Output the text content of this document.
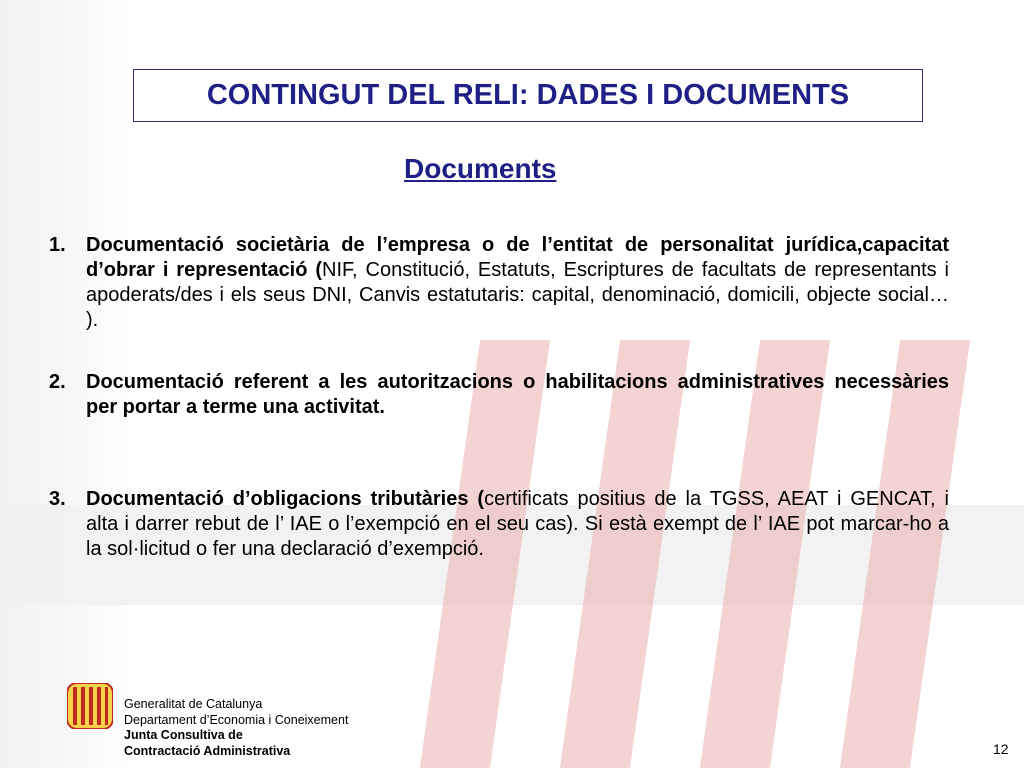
CONTINGUT DEL RELI: DADES I DOCUMENTS
Documents
1. Documentació societària de l’empresa o de l’entitat de personalitat jurídica,capacitat d’obrar i representació (NIF, Constitució, Estatuts, Escriptures de facultats de representants i apoderats/des i els seus DNI, Canvis estatutaris: capital, denominació, domicili, objecte social… ).
2. Documentació referent a les autoritzacions o habilitacions administratives necessàries per portar a terme una activitat.
3. Documentació d’obligacions tributàries (certificats positius de la TGSS, AEAT i GENCAT, i alta i darrer rebut de l’ IAE o l’exempció en el seu cas). Si està exempt de l’ IAE pot marcar-ho a la sol·licitud o fer una declaració d’exempció.
Generalitat de Catalunya
Departament d’Economia i Coneixement
Junta Consultiva de
Contractació Administrativa	12
